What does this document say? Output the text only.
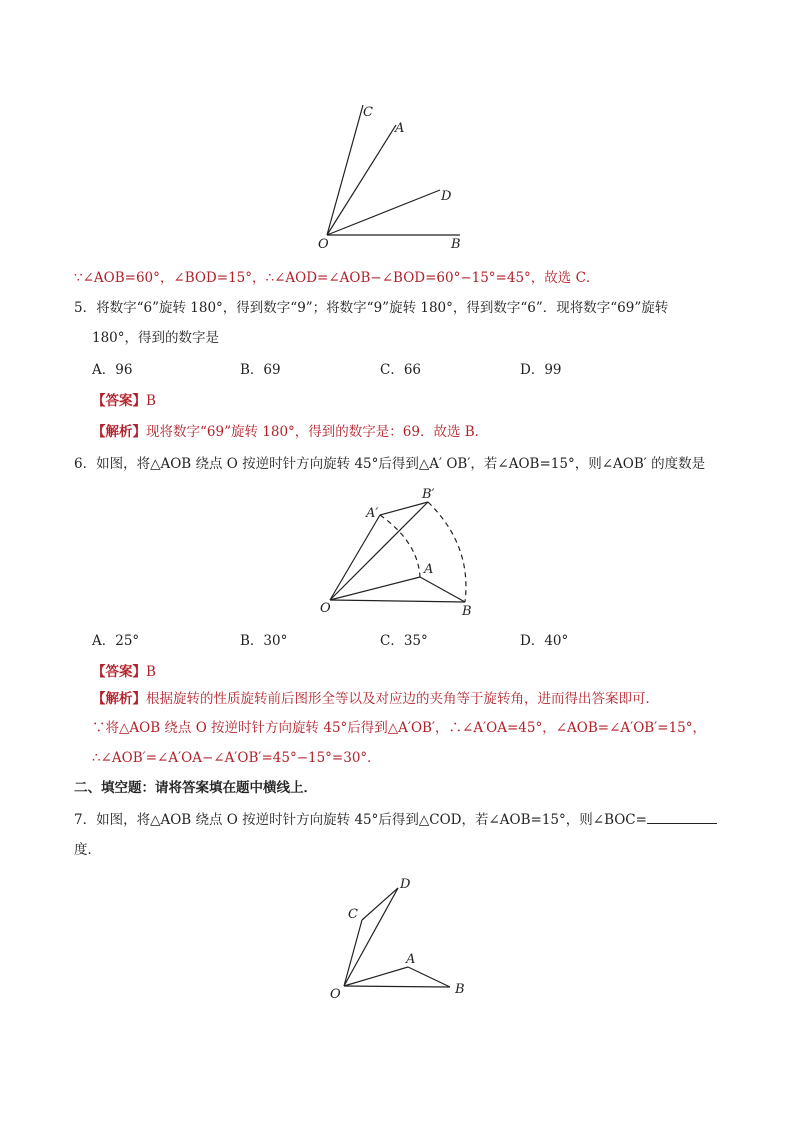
C
A
D
O	B
∵∠AOB=60°，∠BOD=15°，∴∠AOD=∠AOB−∠BOD=60°−15°=45°，故选 C．
5．将数字“6”旋转 180°，得到数字“9”；将数字“9”旋转 180°，得到数字“6”．现将数字“69”旋转
180°，得到的数字是
A．96	B．69	C．66	D．99
【答案】B
【解析】现将数字“69”旋转 180°，得到的数字是：69．故选 B．
6．如图，将△AOB 绕点 O 按逆时针方向旋转 45°后得到△A′ OB′，若∠AOB=15°，则∠AOB′ 的度数是
A′
B′
A
O	B
A．25°	B．30°	C．35°	D．40°
【答案】B
【解析】根据旋转的性质旋转前后图形全等以及对应边的夹角等于旋转角，进而得出答案即可．
∵将△AOB 绕点 O 按逆时针方向旋转 45°后得到△A′OB′，∴∠A′OA=45°，∠AOB=∠A′OB′=15°，
∴∠AOB′=∠A′OA−∠A′OB′=45°−15°=30°．
二、填空题：请将答案填在题中横线上．
7．如图，将△AOB 绕点 O 按逆时针方向旋转 45°后得到△COD，若∠AOB=15°，则∠BOC=
度．
D
C
A
O	B
